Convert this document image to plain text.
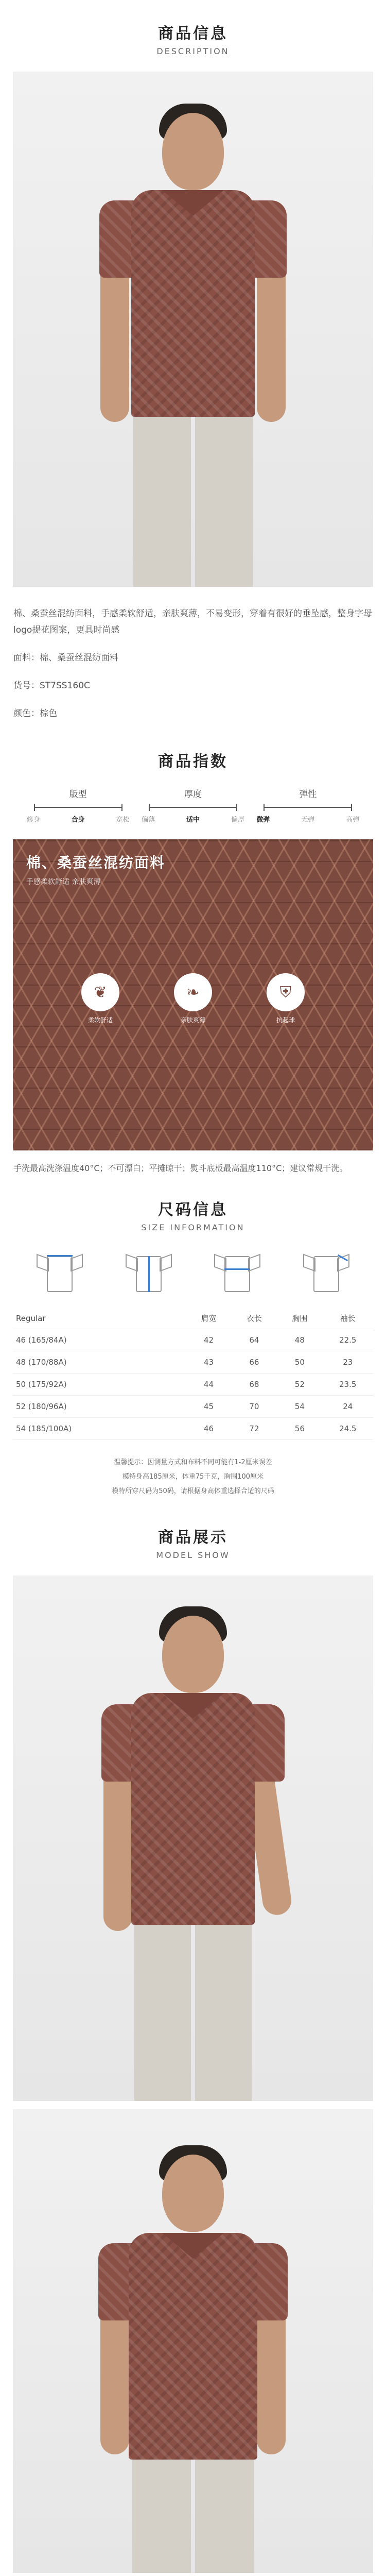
商品信息
DESCRIPTION

棉、桑蚕丝混纺面料，手感柔软舒适，亲肤爽薄，不易变形，穿着有很好的垂坠感，整身字母logo提花图案，更具时尚感

面料：棉、桑蚕丝混纺面料

货号：ST7SS160C

颜色：棕色

商品指数
版型
修身	合身	宽松
厚度
偏薄	适中	偏厚
弹性
微弹	无弹	高弹
棉、桑蚕丝混纺面料
手感柔软舒适 亲肤爽薄
❦
柔软舒适
❧
亲肤爽薄
⛨
抗起球
手洗最高洗涤温度40°C；不可漂白；平摊晾干；熨斗底板最高温度110°C；建议常规干洗。
尺码信息
SIZE INFORMATION
Regular	肩宽	衣长	胸围	袖长
46 (165/84A)	42	64	48	22.5
48 (170/88A)	43	66	50	23
50 (175/92A)	44	68	52	23.5
52 (180/96A)	45	70	54	24
54 (185/100A)	46	72	56	24.5
温馨提示：因测量方式和布料不同可能有1-2厘米误差
模特身高185厘米，体重75千克，胸围100厘米
模特所穿尺码为50码，请根据身高体重选择合适的尺码
商品展示
MODEL SHOW
